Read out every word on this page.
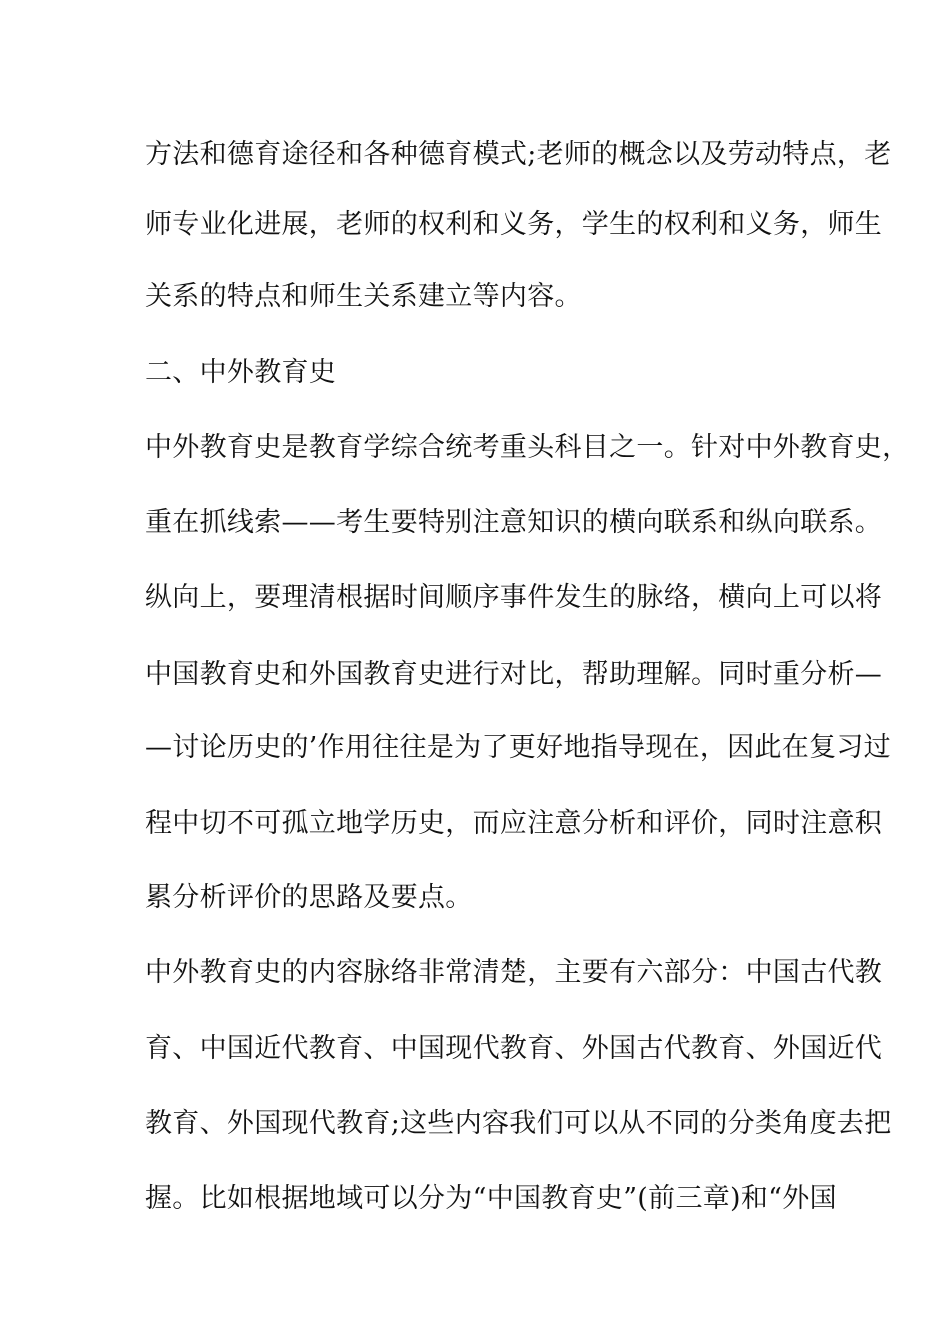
方法和德育途径和各种德育模式;老师的概念以及劳动特点，老
师专业化进展，老师的权利和义务，学生的权利和义务，师生
关系的特点和师生关系建立等内容。
二、中外教育史
中外教育史是教育学综合统考重头科目之一。针对中外教育史，
重在抓线索——考生要特别注意知识的横向联系和纵向联系。
纵向上，要理清根据时间顺序事件发生的脉络，横向上可以将
中国教育史和外国教育史进行对比，帮助理解。同时重分析—
—讨论历史的’作用往往是为了更好地指导现在，因此在复习过
程中切不可孤立地学历史，而应注意分析和评价，同时注意积
累分析评价的思路及要点。
中外教育史的内容脉络非常清楚，主要有六部分：中国古代教
育、中国近代教育、中国现代教育、外国古代教育、外国近代
教育、外国现代教育;这些内容我们可以从不同的分类角度去把
握。比如根据地域可以分为“中国教育史”(前三章)和“外国
